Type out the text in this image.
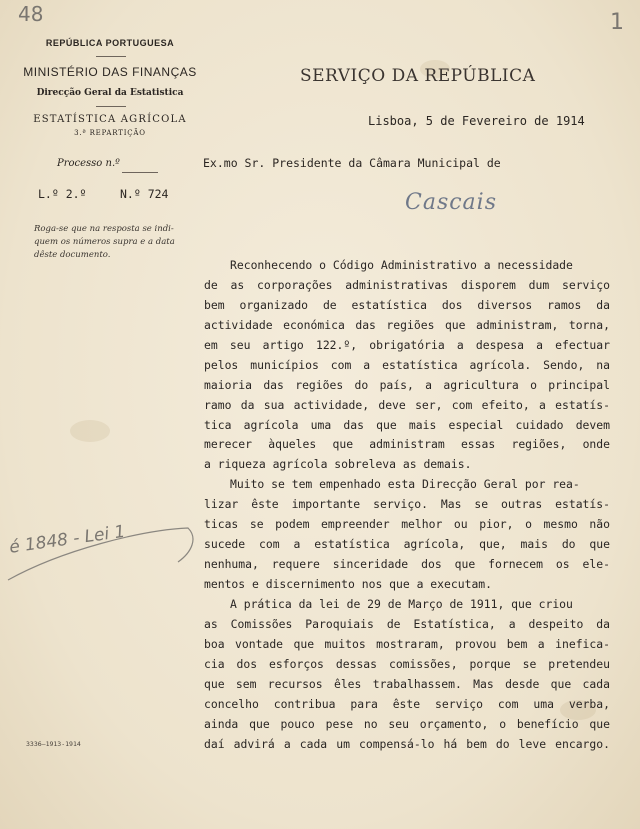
48	1
REPÚBLICA PORTUGUESA
MINISTÉRIO DAS FINANÇAS
Direcção Geral da Estatistica
ESTATÍSTICA AGRÍCOLA
3.ª REPARTIÇÃO
Processo n.º
L.º 2.º	N.º 724
Roga-se que na resposta se indi-
quem os números supra e a data
dêste documento.
SERVIÇO DA REPÚBLICA
Lisboa, 5 de Fevereiro de 1914
Ex.mo Sr. Presidente da Câmara Municipal de
Cascais
Reconhecendo o Código Administrativo a necessidade
de as corporações administrativas disporem dum serviço
bem organizado de estatística dos diversos ramos da
actividade económica das regiões que administram, torna,
em seu artigo 122.º, obrigatória a despesa a efectuar
pelos municípios com a estatística agrícola. Sendo, na
maioria das regiões do país, a agricultura o principal
ramo da sua actividade, deve ser, com efeito, a estatís-
tica agrícola uma das que mais especial cuidado devem
merecer àqueles que administram essas regiões, onde
a riqueza agrícola sobreleva as demais.
Muito se tem empenhado esta Direcção Geral por rea-
lizar êste importante serviço. Mas se outras estatís-
ticas se podem empreender melhor ou pior, o mesmo não
sucede com a estatística agrícola, que, mais do que
nenhuma, requere sinceridade dos que fornecem os ele-
mentos e discernimento nos que a executam.
A prática da lei de 29 de Março de 1911, que criou
as Comissões Paroquiais de Estatística, a despeito da
boa vontade que muitos mostraram, provou bem a inefica-
cia dos esforços dessas comissões, porque se pretendeu
que sem recursos êles trabalhassem. Mas desde que cada
concelho contribua para êste serviço com uma verba,
ainda que pouco pese no seu orçamento, o benefício que
daí advirá a cada um compensá-lo há bem do leve encargo.
é 1848 - Lei 1
3336—1913-1914
